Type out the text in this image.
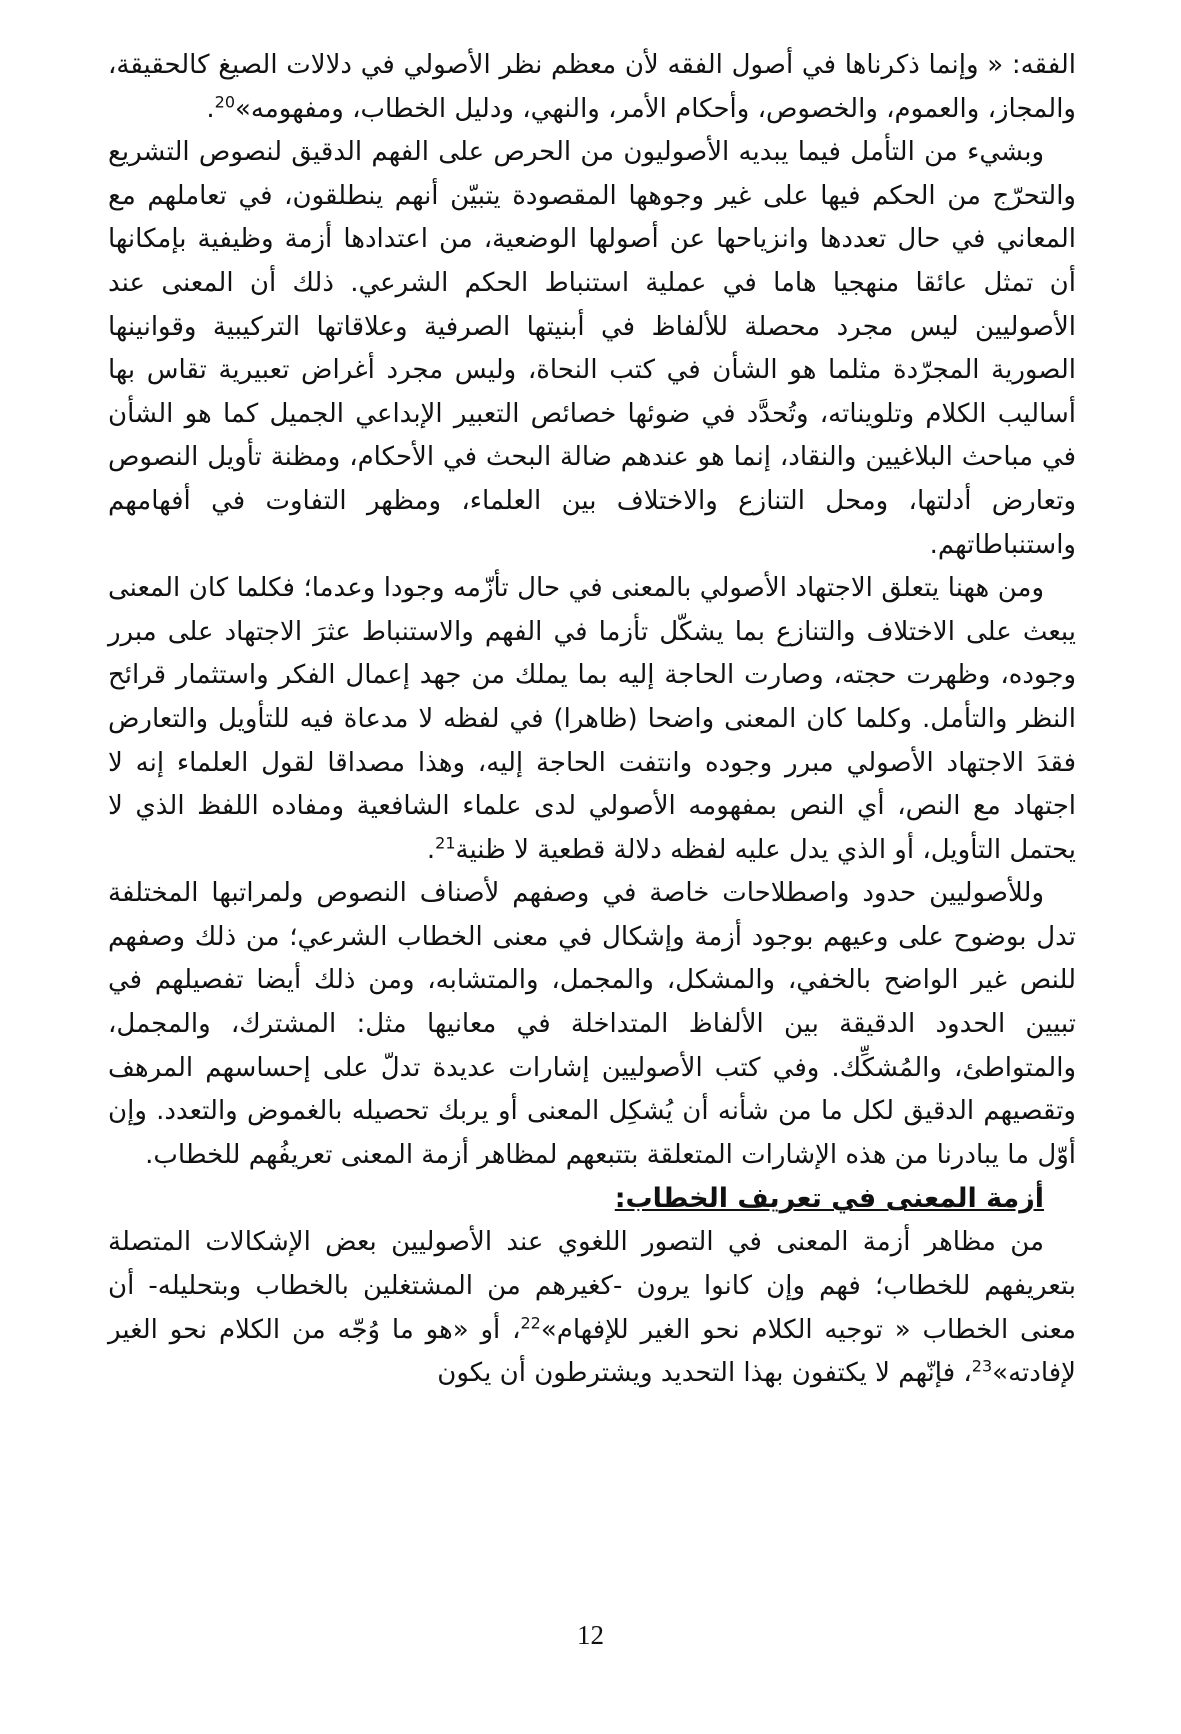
الفقه: « وإنما ذكرناها في أصول الفقه لأن معظم نظر الأصولي في دلالات الصيغ كالحقيقة، والمجاز، والعموم، والخصوص، وأحكام الأمر، والنهي، ودليل الخطاب، ومفهومه»$^{20}$.

وبشيء من التأمل فيما يبديه الأصوليون من الحرص على الفهم الدقيق لنصوص التشريع والتحرّج من الحكم فيها على غير وجوهها المقصودة يتبيّن أنهم ينطلقون، في تعاملهم مع المعاني في حال تعددها وانزياحها عن أصولها الوضعية، من اعتدادها أزمة وظيفية بإمكانها أن تمثل عائقا منهجيا هاما في عملية استنباط الحكم الشرعي. ذلك أن المعنى عند الأصوليين ليس مجرد محصلة للألفاظ في أبنيتها الصرفية وعلاقاتها التركيبية وقوانينها الصورية المجرّدة مثلما هو الشأن في كتب النحاة، وليس مجرد أغراض تعبيرية تقاس بها أساليب الكلام وتلويناته، وتُحدَّد في ضوئها خصائص التعبير الإبداعي الجميل كما هو الشأن في مباحث البلاغيين والنقاد، إنما هو عندهم ضالة البحث في الأحكام، ومظنة تأويل النصوص وتعارض أدلتها، ومحل التنازع والاختلاف بين العلماء، ومظهر التفاوت في أفهامهم واستنباطاتهم.

ومن ههنا يتعلق الاجتهاد الأصولي بالمعنى في حال تأزّمه وجودا وعدما؛ فكلما كان المعنى يبعث على الاختلاف والتنازع بما يشكّل تأزما في الفهم والاستنباط عثرَ الاجتهاد على مبرر وجوده، وظهرت حجته، وصارت الحاجة إليه بما يملك من جهد إعمال الفكر واستثمار قرائح النظر والتأمل. وكلما كان المعنى واضحا (ظاهرا) في لفظه لا مدعاة فيه للتأويل والتعارض فقدَ الاجتهاد الأصولي مبرر وجوده وانتفت الحاجة إليه، وهذا مصداقا لقول العلماء إنه لا اجتهاد مع النص، أي النص بمفهومه الأصولي لدى علماء الشافعية ومفاده اللفظ الذي لا يحتمل التأويل، أو الذي يدل عليه لفظه دلالة قطعية لا ظنية$^{21}$.

وللأصوليين حدود واصطلاحات خاصة في وصفهم لأصناف النصوص ولمراتبها المختلفة تدل بوضوح على وعيهم بوجود أزمة وإشكال في معنى الخطاب الشرعي؛ من ذلك وصفهم للنص غير الواضح بالخفي، والمشكل، والمجمل، والمتشابه، ومن ذلك أيضا تفصيلهم في تبيين الحدود الدقيقة بين الألفاظ المتداخلة في معانيها مثل: المشترك، والمجمل، والمتواطئ، والمُشكِّك. وفي كتب الأصوليين إشارات عديدة تدلّ على إحساسهم المرهف وتقصيهم الدقيق لكل ما من شأنه أن يُشكِل المعنى أو يربك تحصيله بالغموض والتعدد. وإن أوّل ما يبادرنا من هذه الإشارات المتعلقة بتتبعهم لمظاهر أزمة المعنى تعريفُهم للخطاب.

أزمة المعنى في تعريف الخطاب:

من مظاهر أزمة المعنى في التصور اللغوي عند الأصوليين بعض الإشكالات المتصلة بتعريفهم للخطاب؛ فهم وإن كانوا يرون -كغيرهم من المشتغلين بالخطاب وبتحليله- أن معنى الخطاب « توجيه الكلام نحو الغير للإفهام»$^{22}$، أو «هو ما وُجّه من الكلام نحو الغير لإفادته»$^{23}$، فإنّهم لا يكتفون بهذا التحديد ويشترطون أن يكون

12
